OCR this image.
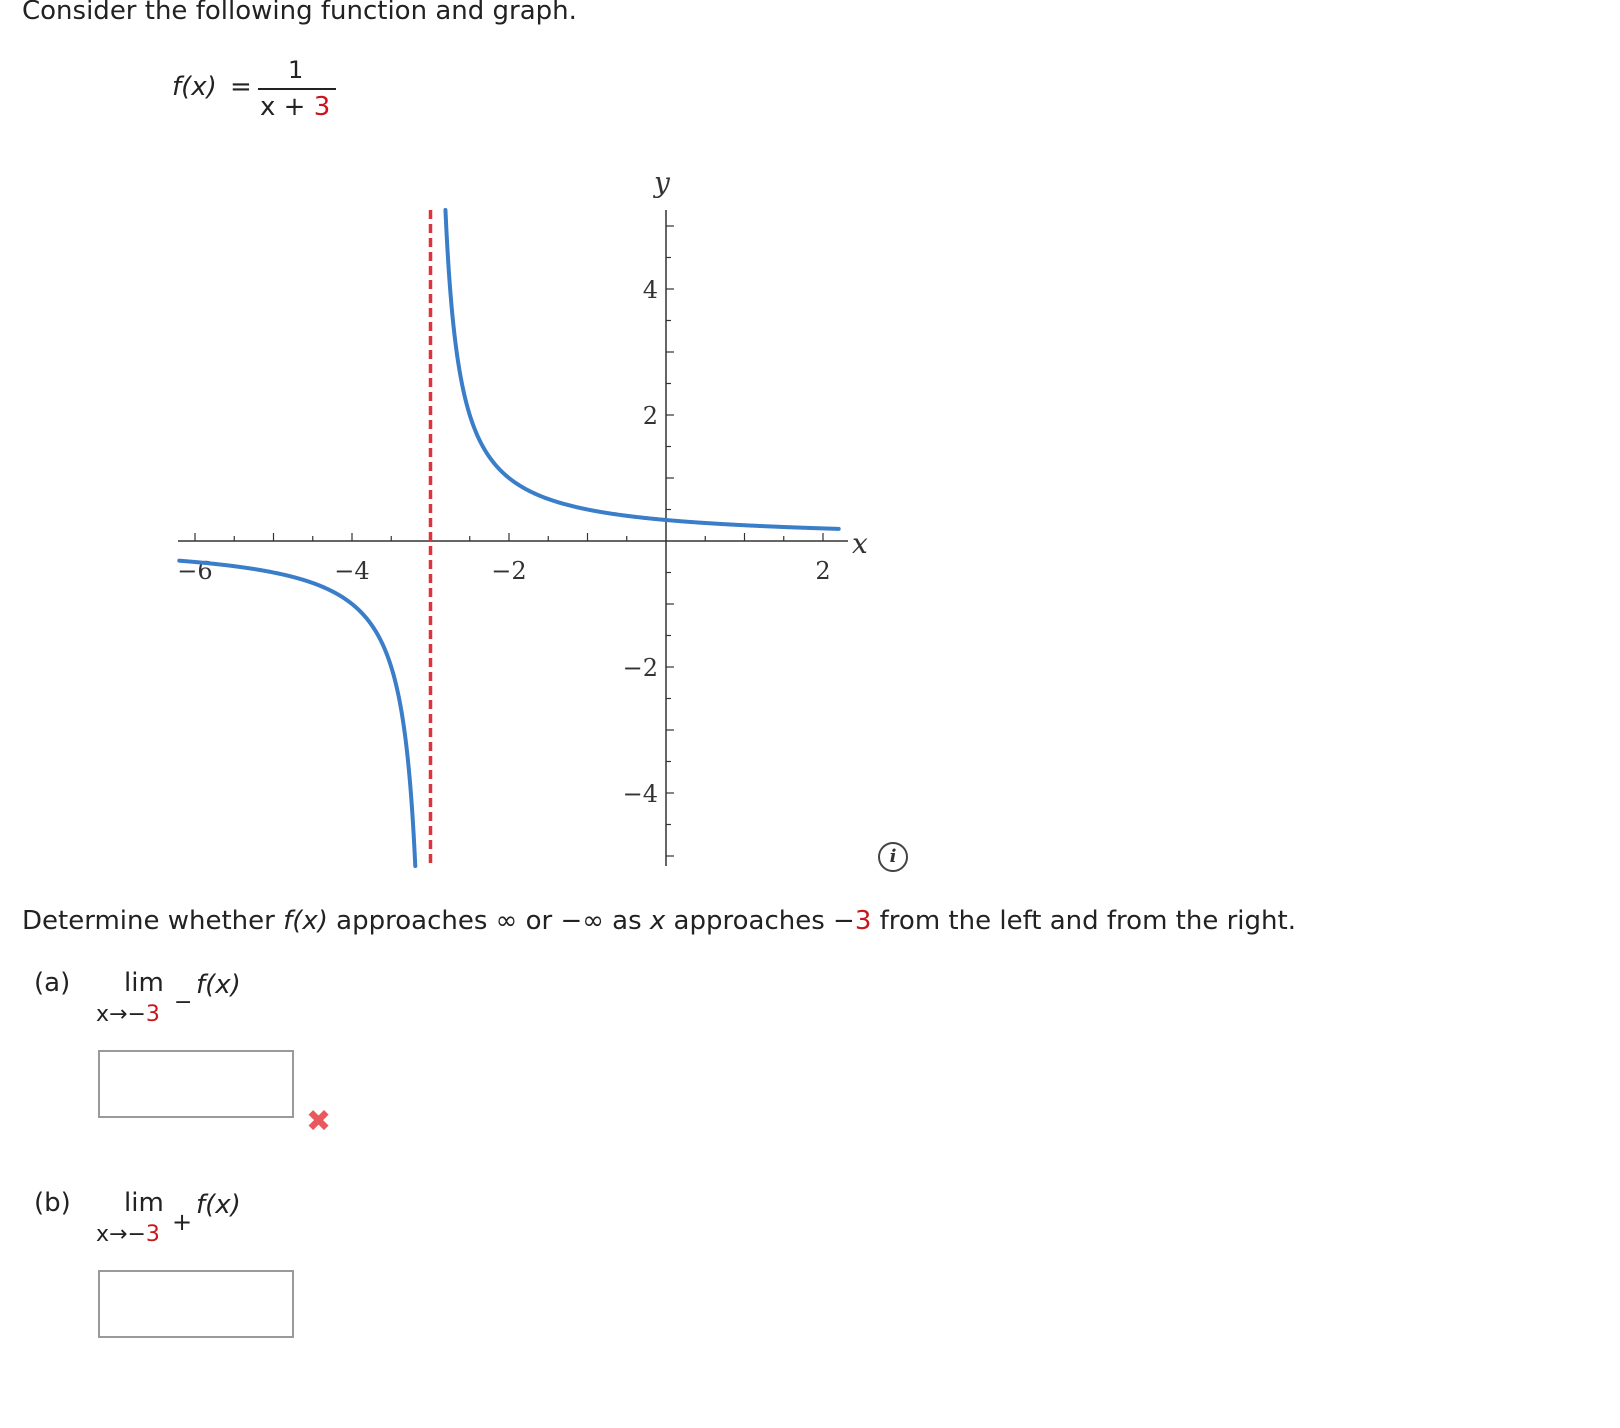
Consider the following function and graph.
f(x) =
1
x + 3
−6	−4	−2	2
4
2
−2
−4
x
y
i
Determine whether f(x) approaches ∞ or −∞ as x approaches −3 from the left and from the right.
(a) lim f(x)
x→−3 −
✖
(b) lim f(x)
x→−3 +
